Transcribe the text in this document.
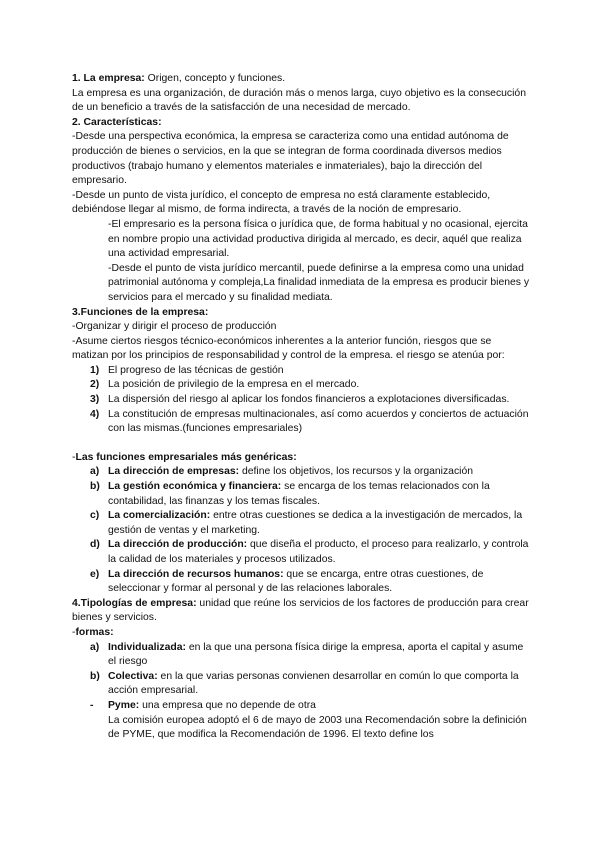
1. La empresa: Origen, concepto y funciones.

La empresa es una organización, de duración más o menos larga, cuyo objetivo es la consecución de un beneficio a través de la satisfacción de una necesidad de mercado.

2. Características:

-Desde una perspectiva económica, la empresa se caracteriza como una entidad autónoma de producción de bienes o servicios, en la que se integran de forma coordinada diversos medios productivos (trabajo humano y elementos materiales e inmateriales), bajo la dirección del empresario.

-Desde un punto de vista jurídico, el concepto de empresa no está claramente establecido, debiéndose llegar al mismo, de forma indirecta, a través de la noción de empresario.

-El empresario es la persona física o jurídica que, de forma habitual y no ocasional, ejercita en nombre propio una actividad productiva dirigida al mercado, es decir, aquél que realiza una actividad empresarial.

-Desde el punto de vista jurídico mercantil, puede definirse a la empresa como una unidad patrimonial autónoma y compleja,La finalidad inmediata de la empresa es producir bienes y servicios para el mercado y su finalidad mediata.

3.Funciones de la empresa:

-Organizar y dirigir el proceso de producción

-Asume ciertos riesgos técnico-económicos inherentes a la anterior función, riesgos que se matizan por los principios de responsabilidad y control de la empresa. el riesgo se atenúa por:

1) El progreso de las técnicas de gestión
2) La posición de privilegio de la empresa en el mercado.
3) La dispersión del riesgo al aplicar los fondos financieros a explotaciones diversificadas.
4) La constitución de empresas multinacionales, así como acuerdos y conciertos de actuación con las mismas.(funciones empresariales)

-Las funciones empresariales más genéricas:

a) La dirección de empresas: define los objetivos, los recursos y la organización
b) La gestión económica y financiera: se encarga de los temas relacionados con la contabilidad, las finanzas y los temas fiscales.
c) La comercialización: entre otras cuestiones se dedica a la investigación de mercados, la gestión de ventas y el marketing.
d) La dirección de producción: que diseña el producto, el proceso para realizarlo, y controla la calidad de los materiales y procesos utilizados.
e) La dirección de recursos humanos: que se encarga, entre otras cuestiones, de seleccionar y formar al personal y de las relaciones laborales.

4.Tipologías de empresa: unidad que reúne los servicios de los factores de producción para crear bienes y servicios.

-formas:

a) Individualizada: en la que una persona física dirige la empresa, aporta el capital y asume el riesgo
b) Colectiva: en la que varias personas convienen desarrollar en común lo que comporta la acción empresarial.
- Pyme: una empresa que no depende de otra
La comisión europea adoptó el 6 de mayo de 2003 una Recomendación sobre la definición de PYME, que modifica la Recomendación de 1996. El texto define los
